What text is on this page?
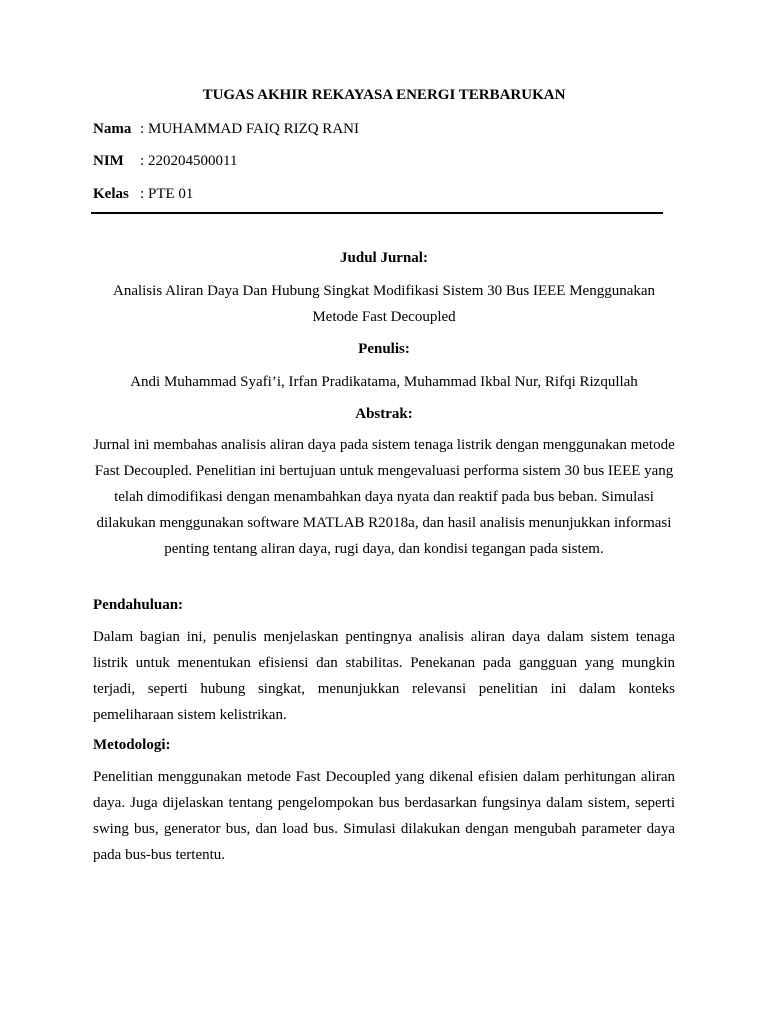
TUGAS AKHIR REKAYASA ENERGI TERBARUKAN
Nama : MUHAMMAD FAIQ RIZQ RANI
NIM : 220204500011
Kelas : PTE 01
Judul Jurnal:
Analisis Aliran Daya Dan Hubung Singkat Modifikasi Sistem 30 Bus IEEE Menggunakan Metode Fast Decoupled
Penulis:
Andi Muhammad Syafi’i, Irfan Pradikatama, Muhammad Ikbal Nur, Rifqi Rizqullah
Abstrak:
Jurnal ini membahas analisis aliran daya pada sistem tenaga listrik dengan menggunakan metode Fast Decoupled. Penelitian ini bertujuan untuk mengevaluasi performa sistem 30 bus IEEE yang telah dimodifikasi dengan menambahkan daya nyata dan reaktif pada bus beban. Simulasi dilakukan menggunakan software MATLAB R2018a, dan hasil analisis menunjukkan informasi penting tentang aliran daya, rugi daya, dan kondisi tegangan pada sistem.
Pendahuluan:
Dalam bagian ini, penulis menjelaskan pentingnya analisis aliran daya dalam sistem tenaga listrik untuk menentukan efisiensi dan stabilitas. Penekanan pada gangguan yang mungkin terjadi, seperti hubung singkat, menunjukkan relevansi penelitian ini dalam konteks pemeliharaan sistem kelistrikan.
Metodologi:
Penelitian menggunakan metode Fast Decoupled yang dikenal efisien dalam perhitungan aliran daya. Juga dijelaskan tentang pengelompokan bus berdasarkan fungsinya dalam sistem, seperti swing bus, generator bus, dan load bus. Simulasi dilakukan dengan mengubah parameter daya pada bus-bus tertentu.
